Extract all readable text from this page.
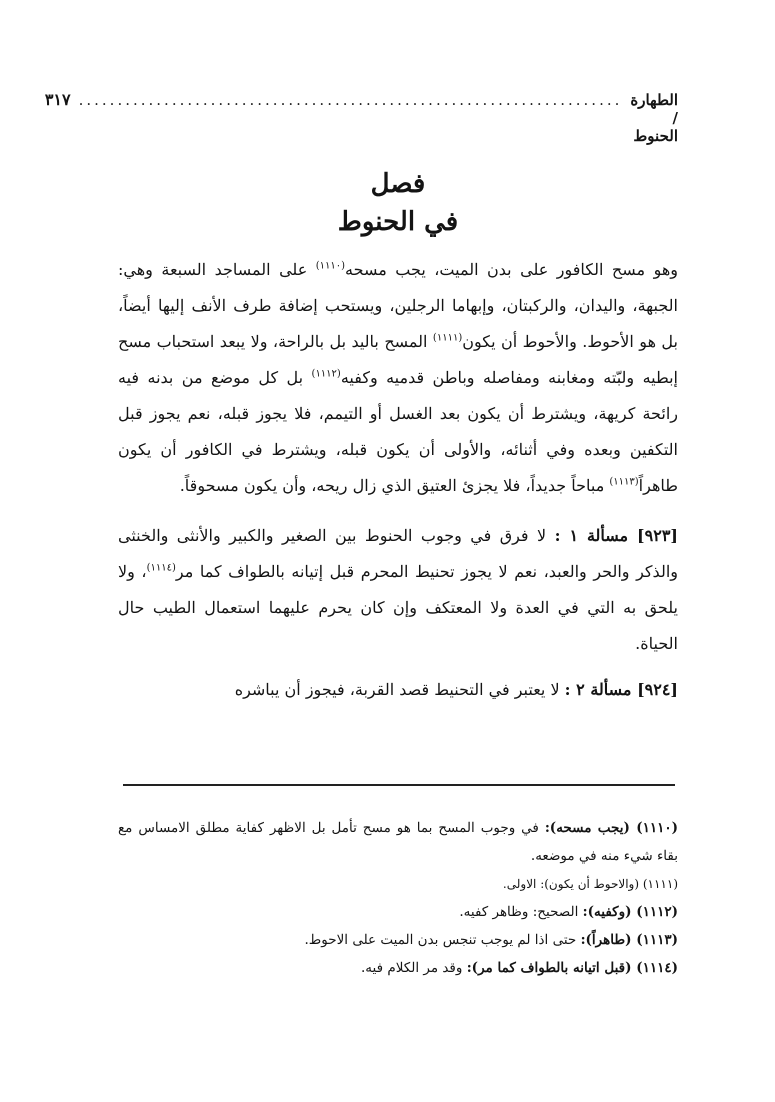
الطهارة / الحنوط
......................................................................
٣١٧
فصل
في الحنوط

وهو مسح الكافور على بدن الميت، يجب مسحه$^{(١١١٠)}$ على المساجد السبعة وهي: الجبهة، واليدان، والركبتان، وإبهاما الرجلين، ويستحب إضافة طرف الأنف إليها أيضاً، بل هو الأحوط. والأحوط أن يكون$^{(١١١١)}$ المسح باليد بل بالراحة، ولا يبعد استحباب مسح إبطيه ولبّته ومغابنه ومفاصله وباطن قدميه وكفيه$^{(١١١٢)}$ بل كل موضع من بدنه فيه رائحة كريهة، ويشترط أن يكون بعد الغسل أو التيمم، فلا يجوز قبله، نعم يجوز قبل التكفين وبعده وفي أثنائه، والأولى أن يكون قبله، ويشترط في الكافور أن يكون طاهراً$^{(١١١٣)}$ مباحاً جديداً، فلا يجزئ العتيق الذي زال ريحه، وأن يكون مسحوقاً.

[٩٢٣] مسألة ١ : لا فرق في وجوب الحنوط بين الصغير والكبير والأنثى والخنثى والذكر والحر والعبد، نعم لا يجوز تحنيط المحرم قبل إتيانه بالطواف كما مر$^{(١١١٤)}$، ولا يلحق به التي في العدة ولا المعتكف وإن كان يحرم عليهما استعمال الطيب حال الحياة.

[٩٢٤] مسألة ٢ : لا يعتبر في التحنيط قصد القربة، فيجوز أن يباشره

(١١١٠) (يجب مسحه): في وجوب المسح بما هو مسح تأمل بل الاظهر كفاية مطلق الامساس مع بقاء شيء منه في موضعه.
(١١١١) (والاحوط أن يكون): الاولى.
(١١١٢) (وكفيه): الصحيح: وظاهر كفيه.
(١١١٣) (طاهراً): حتى اذا لم يوجب تنجس بدن الميت على الاحوط.
(١١١٤) (قبل اتيانه بالطواف كما مر): وقد مر الكلام فيه.
